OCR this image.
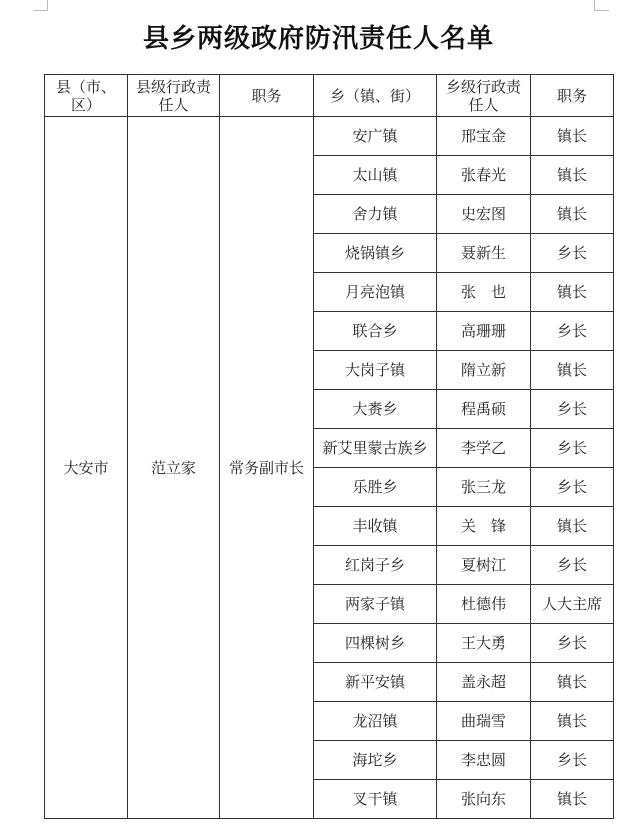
县乡两级政府防汛责任人名单
县（市、区）	县级行政责任人	职务	乡（镇、街）	乡级行政责任人	职务
大安市	范立家	常务副市长	安广镇	邢宝金	镇长
			太山镇	张春光	镇长
			舍力镇	史宏图	镇长
			烧锅镇乡	聂新生	乡长
			月亮泡镇	张　也	镇长
			联合乡	高珊珊	乡长
			大岗子镇	隋立新	镇长
			大赉乡	程禹硕	乡长
			新艾里蒙古族乡	李学乙	乡长
			乐胜乡	张三龙	乡长
			丰收镇	关　锋	镇长
			红岗子乡	夏树江	乡长
			两家子镇	杜德伟	人大主席
			四棵树乡	王大勇	乡长
			新平安镇	盖永超	镇长
			龙沼镇	曲瑞雪	镇长
			海坨乡	李忠圆	乡长
			叉干镇	张向东	镇长
